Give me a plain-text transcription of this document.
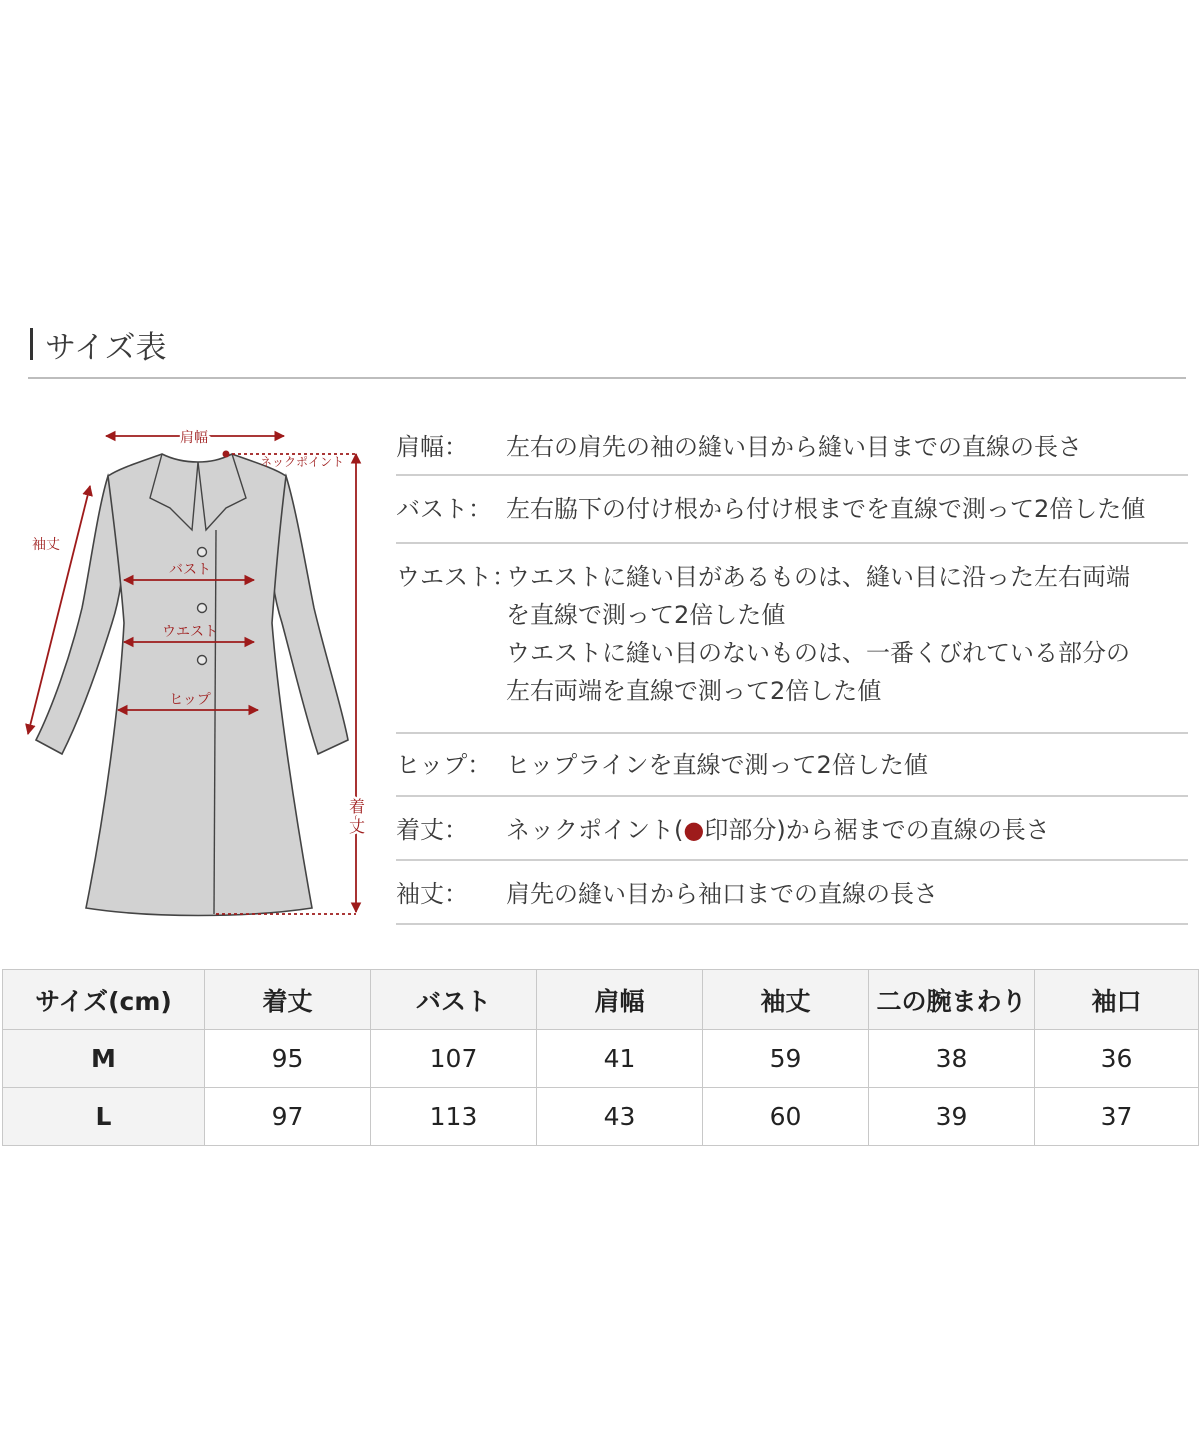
サイズ表
肩幅
ネックポイント
袖丈
バスト
ウエスト
ヒップ
着
丈
肩幅：	左右の肩先の袖の縫い目から縫い目までの直線の長さ
バスト： 左右脇下の付け根から付け根までを直線で測って2倍した値
ウエスト：
ウエストに縫い目があるものは、縫い目に沿った左右両端
を直線で測って2倍した値
ウエストに縫い目のないものは、一番くびれている部分の
左右両端を直線で測って2倍した値
ヒップ： ヒップラインを直線で測って2倍した値
着丈：	ネックポイント(●印部分)から裾までの直線の長さ
袖丈：	肩先の縫い目から袖口までの直線の長さ
サイズ(cm)	着丈	バスト	肩幅	袖丈	二の腕まわり	袖口
M	95	107	41	59	38	36
L	97	113	43	60	39	37
